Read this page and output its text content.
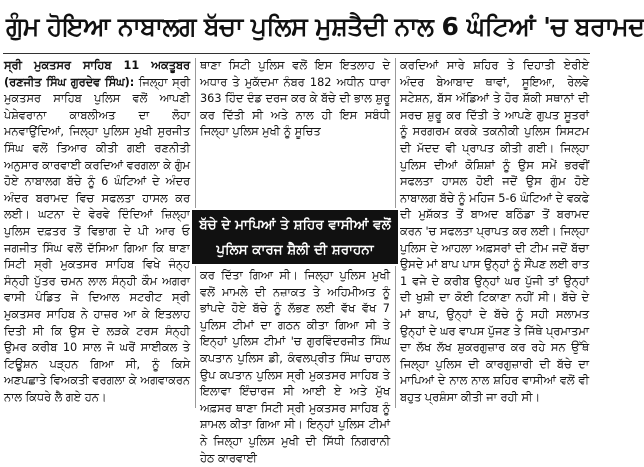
ਗੁੰਮ ਹੋਇਆ ਨਾਬਾਲਗ ਬੱਚਾ ਪੁਲਿਸ ਮੁਸ਼ਤੈਦੀ ਨਾਲ 6 ਘੰਟਿਆਂ 'ਚ ਬਰਾਮਦ

ਸ੍ਰੀ ਮੁਕਤਸਰ ਸਾਹਿਬ 11 ਅਕਤੂਬਰ (ਰਣਜੀਤ ਸਿੰਘ ਗੁਰਦੇਵ ਸਿੰਘ): ਜਿਲ੍ਹਾ ਸ੍ਰੀ ਮੁਕਤਸਰ ਸਾਹਿਬ ਪੁਲਿਸ ਵਲੋਂ ਆਪਣੀ ਪੇਸ਼ੇਵਰਾਨਾ ਕਾਬਲੀਅਤ ਦਾ ਲੋਹਾ ਮਨਵਾਉਂਦਿਆਂ, ਜਿਲ੍ਹਾ ਪੁਲਿਸ ਮੁਖੀ ਸੁਰਜੀਤ ਸਿੰਘ ਵਲੋਂ ਤਿਆਰ ਕੀਤੀ ਗਈ ਰਣਨੀਤੀ ਅਨੁਸਾਰ ਕਾਰਵਾਈ ਕਰਦਿਆਂ ਵਰਗਲਾ ਕੇ ਗੁੰਮ ਹੋਏ ਨਾਬਾਲਗ ਬੱਚੇ ਨੂੰ 6 ਘੰਟਿਆਂ ਦੇ ਅੰਦਰ ਅੰਦਰ ਬਰਾਮਦ ਵਿਚ ਸਫਲਤਾ ਹਾਸਲ ਕਰ ਲਈ। ਘਟਨਾ ਦੇ ਵੇਰਵੇ ਦਿੰਦਿਆਂ ਜ਼ਿਲ੍ਹਾ ਪੁਲਿਸ ਦਫ਼ਤਰ ਤੋਂ ਵਿਭਾਗ ਦੇ ਪੀ ਆਰ ਓ ਜਗਜੀਤ ਸਿੰਘ ਵਲੋਂ ਦੱਸਿਆ ਗਿਆ ਕਿ ਥਾਣਾ ਸਿਟੀ ਸ੍ਰੀ ਮੁਕਤਸਰ ਸਾਹਿਬ ਵਿਖੇ ਜੰਨ੍ਹ ਸੰਨ੍ਹੀ ਪੁੱਤਰ ਚਮਨ ਲਾਲ ਸੰਨ੍ਹੀ ਕੌਮ ਅਗਰਾ ਵਾਸੀ ਪੰਡਿਤ ਜੇ ਦਿਆਲ ਸਟਰੀਟ ਸ੍ਰੀ ਮੁਕਤਸਰ ਸਾਹਿਬ ਨੇ ਹਾਜ਼ਰ ਆ ਕੇ ਇਤਲਾਹ ਦਿਤੀ ਸੀ ਕਿ ਉਸ ਦੇ ਲੜਕੇ ਟਰਸ ਸੰਨ੍ਹੀ ਉਮਰ ਕਰੀਬ 10 ਸਾਲ ਜੋ ਘਰੋਂ ਸਾਈਕਲ ਤੇ ਟਿਊਸ਼ਨ ਪੜ੍ਹਨ ਗਿਆ ਸੀ, ਨੂੰ ਕਿਸੇ ਅਣਪਛਾਤੇ ਵਿਅਕਤੀ ਵਰਗਲਾ ਕੇ ਅਗਵਾਕਰਨ ਨਾਲ ਕਿਧਰੇ ਲੈ ਗਏ ਹਨ।

ਥਾਣਾ ਸਿਟੀ ਪੁਲਿਸ ਵਲੋਂ ਇਸ ਇਤਲਾਹ ਦੇ ਅਧਾਰ ਤੇ ਮੁਕੱਦਮਾ ਨੰਬਰ 182 ਅਧੀਨ ਧਾਰਾ 363 ਹਿੰਦ ਦੰਡ ਦਰਜ ਕਰ ਕੇ ਬੱਚੇ ਦੀ ਭਾਲ ਸ਼ੁਰੂ ਕਰ ਦਿੱਤੀ ਸੀ ਅਤੇ ਨਾਲ ਹੀ ਇਸ ਸਬੰਧੀ ਜਿਲ੍ਹਾ ਪੁਲਿਸ ਮੁਖੀ ਨੂੰ ਸੂਚਿਤ

ਕਰ ਦਿੱਤਾ ਗਿਆ ਸੀ। ਜਿਲ੍ਹਾ ਪੁਲਿਸ ਮੁਖੀ ਵਲੋਂ ਮਾਮਲੇ ਦੀ ਨਜ਼ਾਕਤ ਤੇ ਅਹਿਮੀਅਤ ਨੂੰ ਭਾਂਪਦੇ ਹੋਏ ਬੱਚੇ ਨੂੰ ਲੱਭਣ ਲਈ ਵੱਖ ਵੱਖ 7 ਪੁਲਿਸ ਟੀਮਾਂ ਦਾ ਗਠਨ ਕੀਤਾ ਗਿਆ ਸੀ ਤੇ ਇਨ੍ਹਾਂ ਪੁਲਿਸ ਟੀਮਾਂ 'ਚ ਗੁਰਵਿੰਦਰਜੀਤ ਸਿੰਘ ਕਪਤਾਨ ਪੁਲਿਸ ਡੀ, ਕੰਵਲਪ੍ਰੀਤ ਸਿੰਘ ਚਾਹਲ ਉਪ ਕਪਤਾਨ ਪੁਲਿਸ ਸ੍ਰੀ ਮੁਕਤਸਰ ਸਾਹਿਬ ਤੇ ਇਲਾਵਾ ਇੰਚਾਰਜ ਸੀ ਆਈ ਏ ਅਤੇ ਮੁੱਖ ਅਫ਼ਸਰ ਥਾਣਾ ਸਿਟੀ ਸ੍ਰੀ ਮੁਕਤਸਰ ਸਾਹਿਬ ਨੂੰ ਸ਼ਾਮਲ ਕੀਤਾ ਗਿਆ ਸੀ। ਇਨ੍ਹਾਂ ਪੁਲਿਸ ਟੀਮਾਂ ਨੇ ਜਿਲ੍ਹਾ ਪੁਲਿਸ ਮੁਖੀ ਦੀ ਸਿੱਧੀ ਨਿਗਰਾਨੀ ਹੇਠ ਕਾਰਵਾਈ

ਕਰਦਿਆਂ ਸਾਰੇ ਸ਼ਹਿਰ ਤੇ ਦਿਹਾਤੀ ਏਰੀਏ ਅੰਦਰ ਬੇਆਬਾਦ ਥਾਵਾਂ, ਸੂਇਆ, ਰੇਲਵੇ ਸਟੇਸ਼ਨ, ਬੱਸ ਅੱਡਿਆਂ ਤੇ ਹੋਰ ਸ਼ੱਕੀ ਸਥਾਨਾਂ ਦੀ ਸਰਚ ਸ਼ੁਰੂ ਕਰ ਦਿੱਤੀ ਤੇ ਆਪਣੇ ਗੁਪਤ ਸੂਤਰਾਂ ਨੂੰ ਸਰਗਰਮ ਕਰਕੇ ਤਕਨੀਕੀ ਪੁਲਿਸ ਸਿਸਟਮ ਦੀ ਮੱਦਦ ਵੀ ਪ੍ਰਾਪਤ ਕੀਤੀ ਗਈ। ਜਿਲ੍ਹਾ ਪੁਲਿਸ ਦੀਆਂ ਕੋਸ਼ਿਸ਼ਾਂ ਨੂੰ ਉਸ ਸਮੇਂ ਭਰਵੀਂ ਸਫਲਤਾ ਹਾਸਲ ਹੋਈ ਜਦੋਂ ਉਸ ਗੁੰਮ ਹੋਏ ਨਾਬਾਲਗ ਬੱਚੇ ਨੂੰ ਮਹਿਜ 5-6 ਘੰਟਿਆਂ ਦੇ ਵਕਫੇ ਦੀ ਮੁਸ਼ੱਕਤ ਤੋਂ ਬਾਅਦ ਬਠਿੰਡਾ ਤੋਂ ਬਰਾਮਦ ਕਰਨ 'ਚ ਸਫਲਤਾ ਪ੍ਰਾਪਤ ਕਰ ਲਈ। ਜਿਲ੍ਹਾ ਪੁਲਿਸ ਦੇ ਆਹਲਾ ਅਫ਼ਸਰਾਂ ਦੀ ਟੀਮ ਜਦੋਂ ਬੱਚਾ ਉਸਦੇ ਮਾਂ ਬਾਪ ਪਾਸ ਉਨ੍ਹਾਂ ਨੂੰ ਸੌਂਪਣ ਲਈ ਰਾਤ 1 ਵਜੇ ਦੇ ਕਰੀਬ ਉਨ੍ਹਾਂ ਘਰ ਪੁੱਜੀ ਤਾਂ ਉਨ੍ਹਾਂ ਦੀ ਖੁਸ਼ੀ ਦਾ ਕੋਈ ਟਿਕਾਣਾ ਨਹੀਂ ਸੀ। ਬੱਚੇ ਦੇ ਮਾਂ ਬਾਪ, ਉਨ੍ਹਾਂ ਦੇ ਬੱਚੇ ਨੂੰ ਸਹੀ ਸਲਾਮਤ ਉਨ੍ਹਾਂ ਦੇ ਘਰ ਵਾਪਸ ਪੁੱਜਣ ਤੇ ਜਿੱਥੇ ਪ੍ਰਮਾਤਮਾ ਦਾ ਲੱਖ ਲੱਖ ਸ਼ੁਕਰਗੁਜ਼ਾਰ ਕਰ ਰਹੇ ਸਨ ਉੱਥੇ ਜਿਲ੍ਹਾ ਪੁਲਿਸ ਦੀ ਕਾਰਗੁਜ਼ਾਰੀ ਦੀ ਬੱਚੇ ਦਾ ਮਾਪਿਆਂ ਦੇ ਨਾਲ ਨਾਲ ਸ਼ਹਿਰ ਵਾਸੀਆਂ ਵਲੋਂ ਵੀ ਬਹੁਤ ਪ੍ਰਸ਼ੰਸਾ ਕੀਤੀ ਜਾ ਰਹੀ ਸੀ।

ਬੱਚੇ ਦੇ ਮਾਪਿਆਂ ਤੇ ਸ਼ਹਿਰ ਵਾਸੀਆਂ ਵਲੋਂ
ਪੁਲਿਸ ਕਾਰਜ ਸ਼ੈਲੀ ਦੀ ਸ਼ਰਾਹਨਾ
